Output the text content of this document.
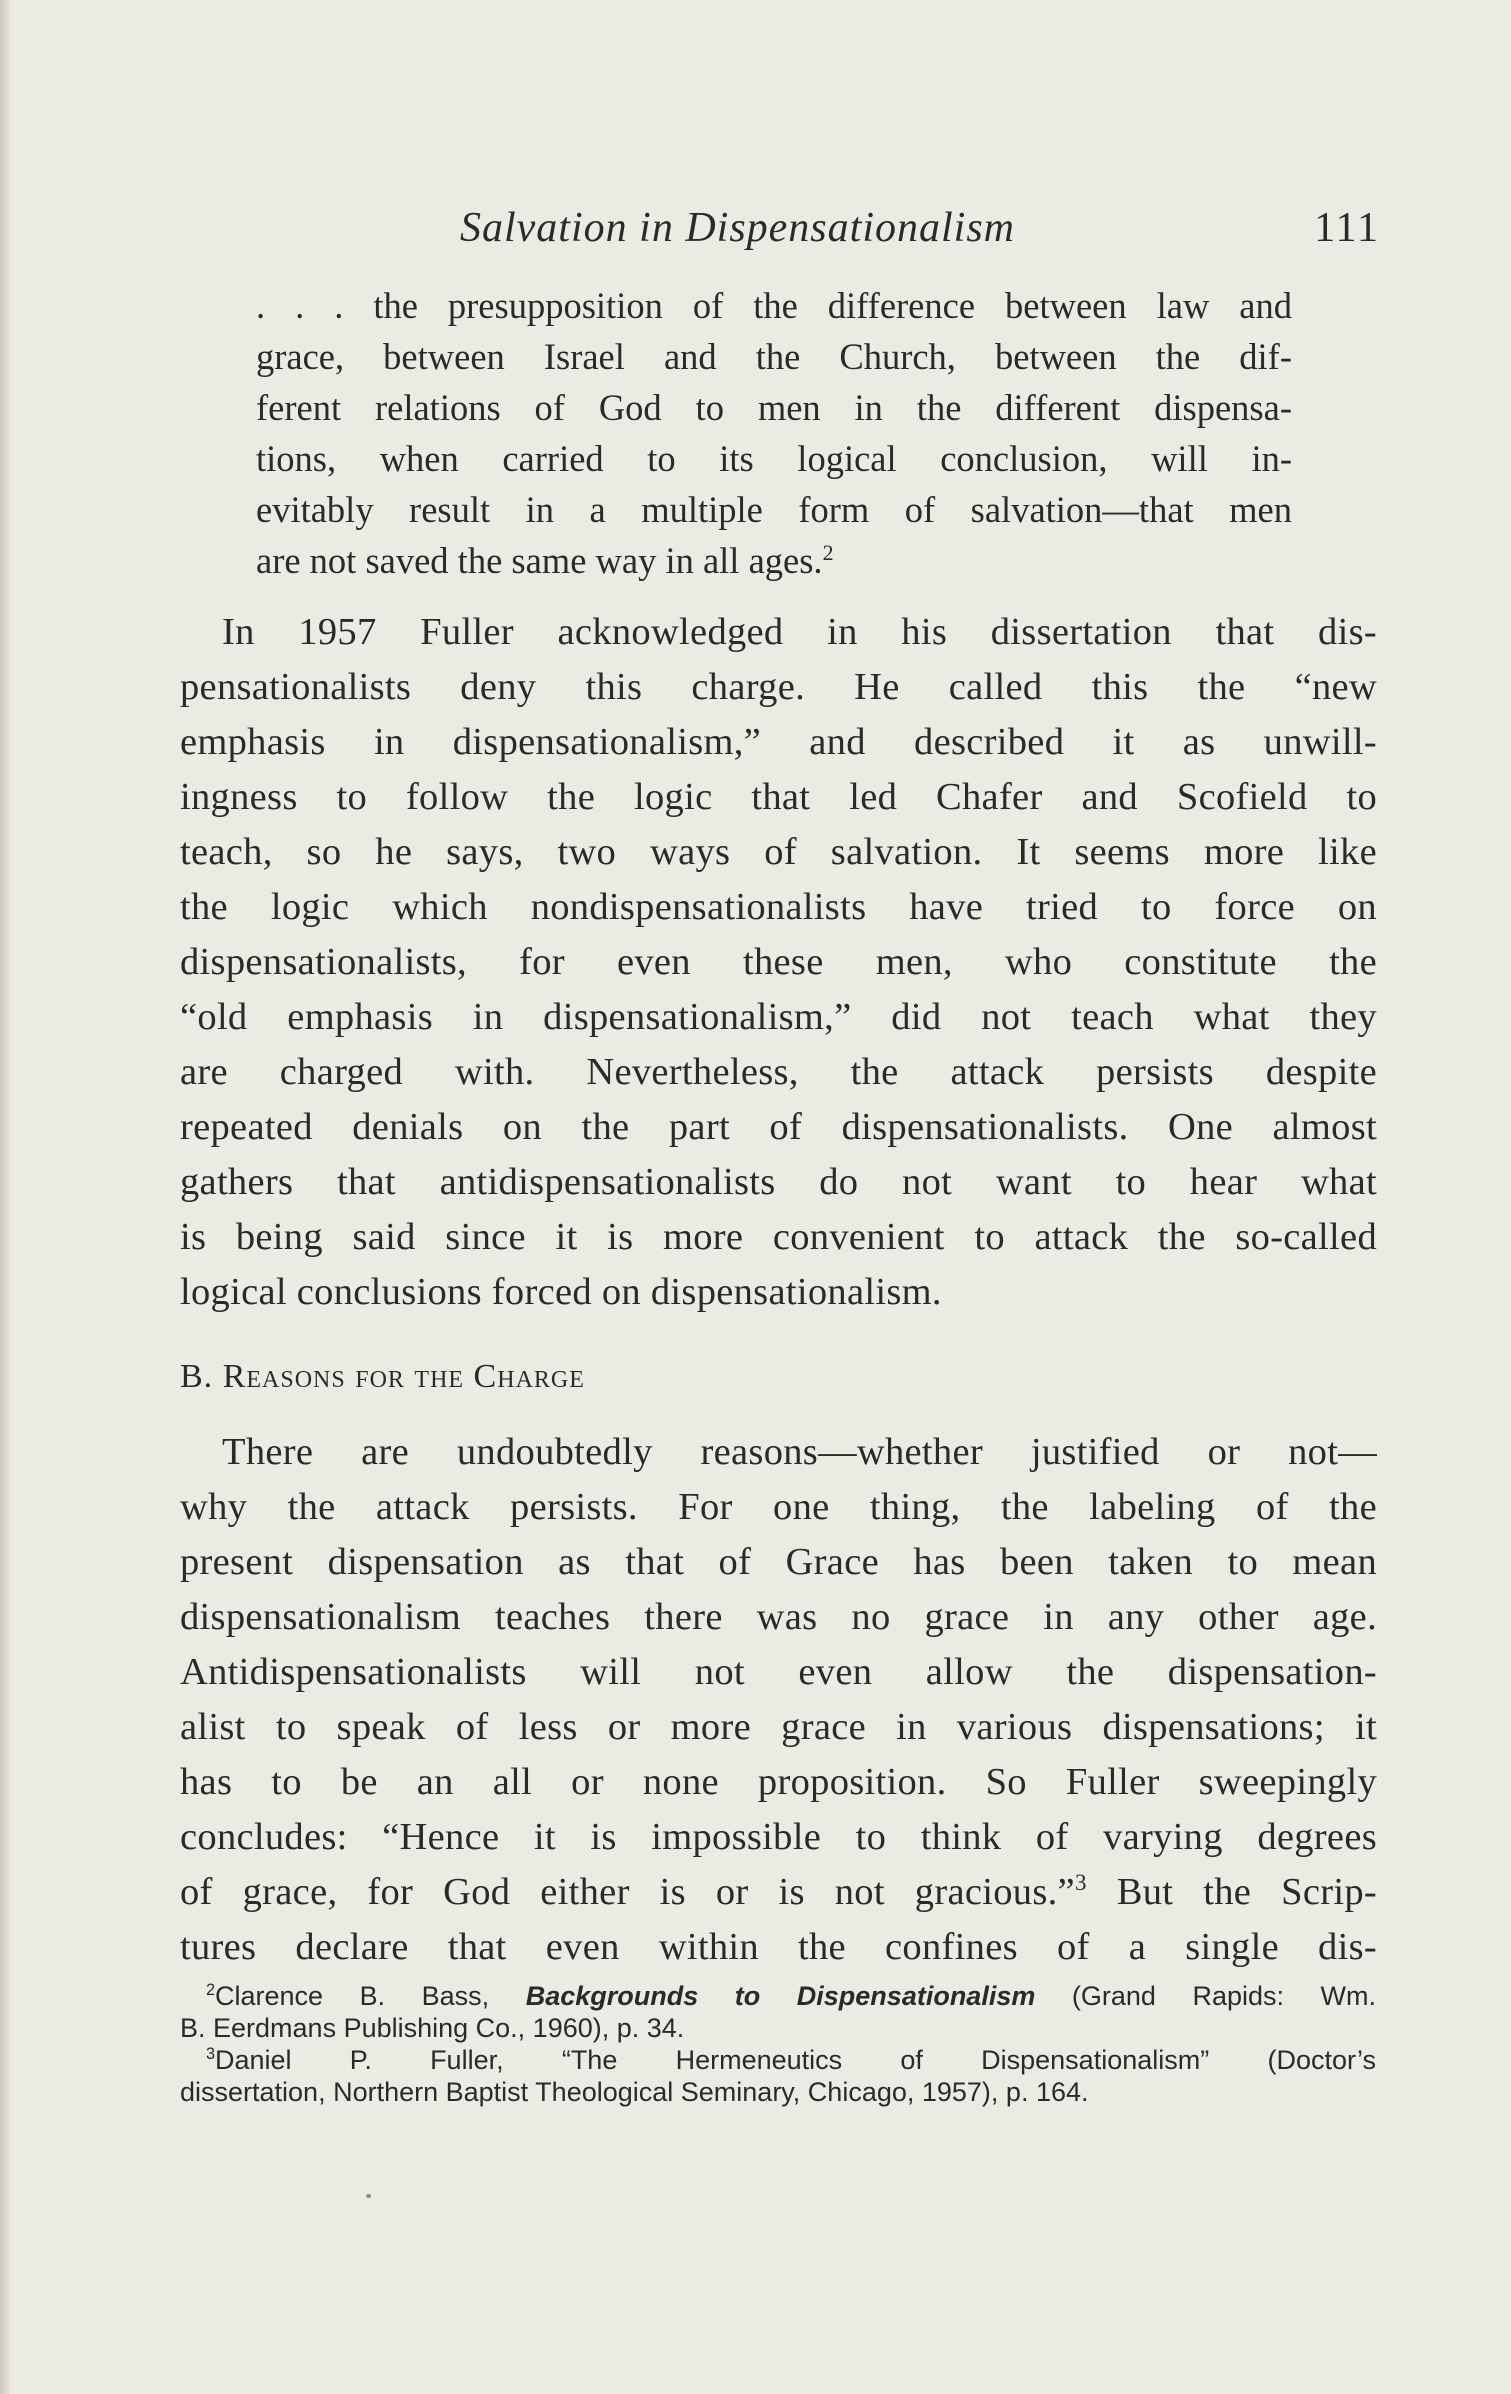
Salvation in Dispensationalism	111
. . . the presupposition of the difference between law and
grace, between Israel and the Church, between the dif-
ferent relations of God to men in the different dispensa-
tions, when carried to its logical conclusion, will in-
evitably result in a multiple form of salvation—that men
are not saved the same way in all ages.$^2$
In 1957 Fuller acknowledged in his dissertation that dis-
pensationalists deny this charge. He called this the “new
emphasis in dispensationalism,” and described it as unwill-
ingness to follow the logic that led Chafer and Scofield to
teach, so he says, two ways of salvation. It seems more like
the logic which nondispensationalists have tried to force on
dispensationalists, for even these men, who constitute the
“old emphasis in dispensationalism,” did not teach what they
are charged with. Nevertheless, the attack persists despite
repeated denials on the part of dispensationalists. One almost
gathers that antidispensationalists do not want to hear what
is being said since it is more convenient to attack the so-called
logical conclusions forced on dispensationalism.
B. Reasons for the Charge
There are undoubtedly reasons—whether justified or not—
why the attack persists. For one thing, the labeling of the
present dispensation as that of Grace has been taken to mean
dispensationalism teaches there was no grace in any other age.
Antidispensationalists will not even allow the dispensation-
alist to speak of less or more grace in various dispensations; it
has to be an all or none proposition. So Fuller sweepingly
concludes: “Hence it is impossible to think of varying degrees
of grace, for God either is or is not gracious.”$^3$ But the Scrip-
tures declare that even within the confines of a single dis-
$^2$Clarence B. Bass, Backgrounds to Dispensationalism (Grand Rapids: Wm.
B. Eerdmans Publishing Co., 1960), p. 34.
$^3$Daniel P. Fuller, “The Hermeneutics of Dispensationalism” (Doctor’s
dissertation, Northern Baptist Theological Seminary, Chicago, 1957), p. 164.
